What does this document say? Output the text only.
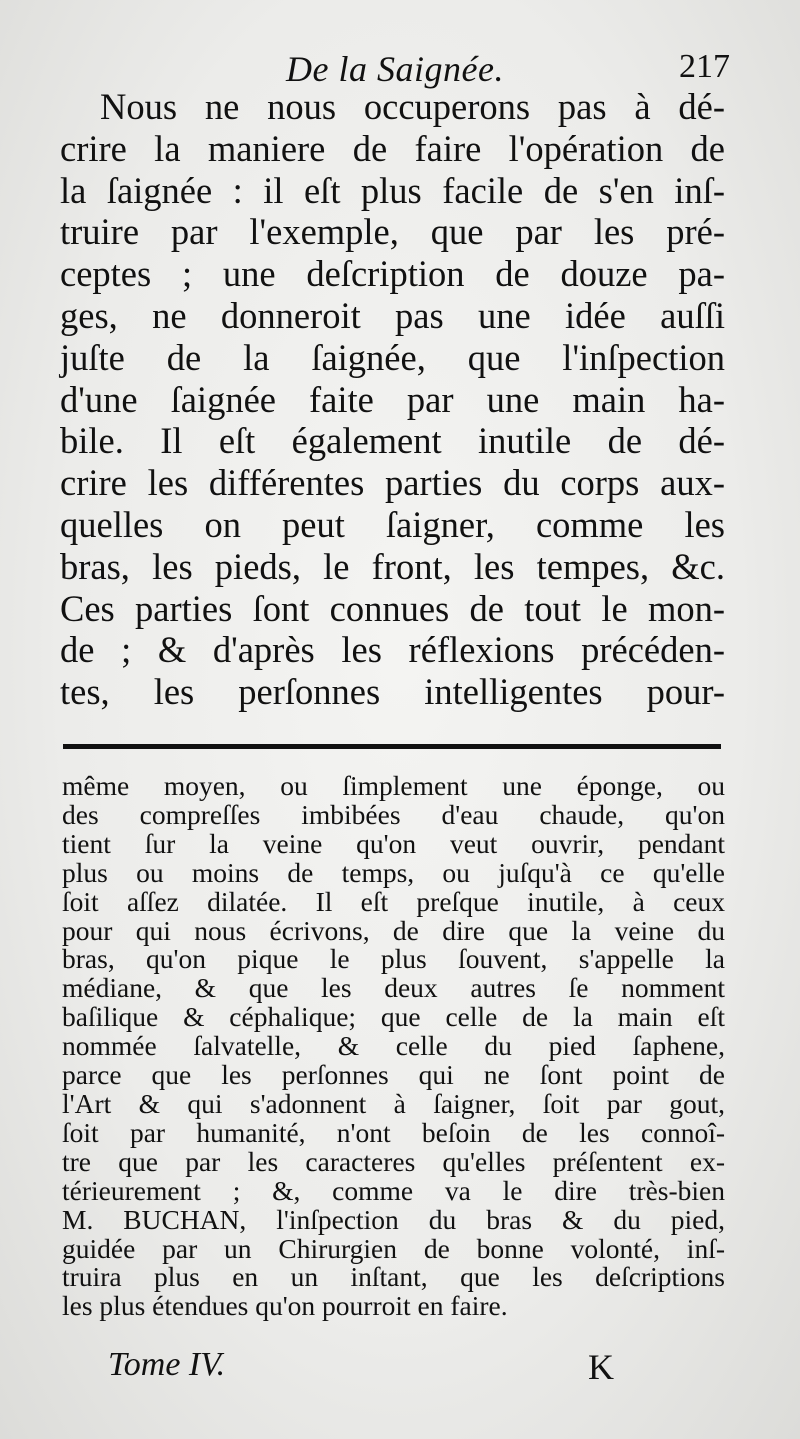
De la Saignée.	217
Nous ne nous occuperons pas à dé-
crire la maniere de faire l'opération de
la ſaignée : il eſt plus facile de s'en inſ-
truire par l'exemple, que par les pré-
ceptes ; une deſcription de douze pa-
ges, ne donneroit pas une idée auſſi
juſte de la ſaignée, que l'inſpection
d'une ſaignée faite par une main ha-
bile. Il eſt également inutile de dé-
crire les différentes parties du corps aux-
quelles on peut ſaigner, comme les
bras, les pieds, le front, les tempes, &c.
Ces parties ſont connues de tout le mon-
de ; & d'après les réflexions précéden-
tes, les perſonnes intelligentes pour-
même moyen, ou ſimplement une éponge, ou
des compreſſes imbibées d'eau chaude, qu'on
tient ſur la veine qu'on veut ouvrir, pendant
plus ou moins de temps, ou juſqu'à ce qu'elle
ſoit aſſez dilatée. Il eſt preſque inutile, à ceux
pour qui nous écrivons, de dire que la veine du
bras, qu'on pique le plus ſouvent, s'appelle la
médiane, & que les deux autres ſe nomment
baſilique & céphalique; que celle de la main eſt
nommée ſalvatelle, & celle du pied ſaphene,
parce que les perſonnes qui ne ſont point de
l'Art & qui s'adonnent à ſaigner, ſoit par gout,
ſoit par humanité, n'ont beſoin de les connoî-
tre que par les caracteres qu'elles préſentent ex-
térieurement ; &, comme va le dire très-bien
M. BUCHAN, l'inſpection du bras & du pied,
guidée par un Chirurgien de bonne volonté, inſ-
truira plus en un inſtant, que les deſcriptions
les plus étendues qu'on pourroit en faire.
Tome IV.	K
